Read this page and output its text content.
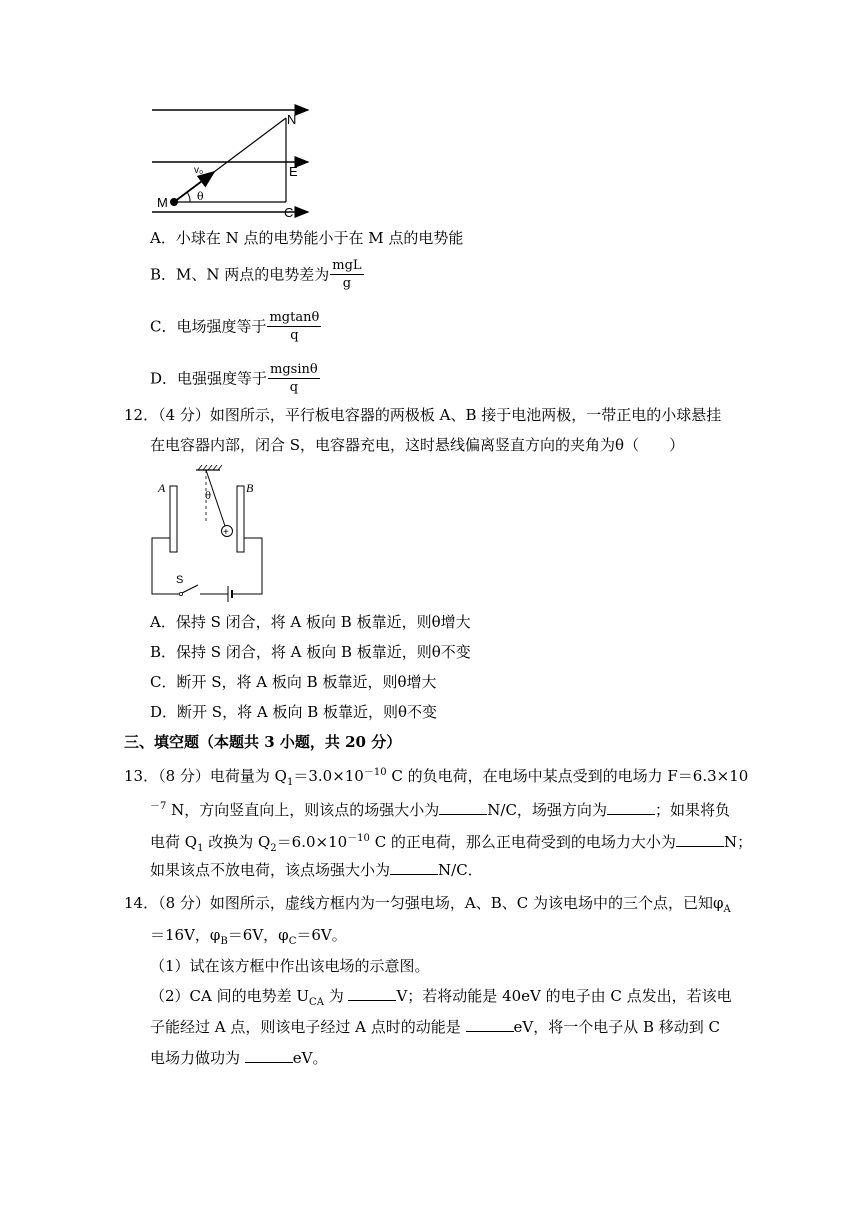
N
E
M
C
v₀
θ
A．小球在 N 点的电势能小于在 M 点的电势能
B．M、N 两点的电势差为 $\frac{\text{mgL}}{g}$
C．电场强度等于 $\frac{mgtan\theta}{q}$
D．电强强度等于 $\frac{mgsin\theta}{q}$
12．（4 分）如图所示，平行板电容器的两极板 A、B 接于电池两极，一带正电的小球悬挂
在电容器内部，闭合 S，电容器充电，这时悬线偏离竖直方向的夹角为θ（　　）
+
θ
A	B
S
A．保持 S 闭合，将 A 板向 B 板靠近，则θ增大
B．保持 S 闭合，将 A 板向 B 板靠近，则θ不变
C．断开 S，将 A 板向 B 板靠近，则θ增大
D．断开 S，将 A 板向 B 板靠近，则θ不变
三、填空题（本题共 3 小题，共 20 分）
13．（8 分）电荷量为 $Q_1=3.0\times 10^{-10}$ C 的负电荷，在电场中某点受到的电场力 F＝6.3×10
$^{-7}$ N，方向竖直向上，则该点的场强大小为	N/C，场强方向为	；如果将负
电荷 $Q_1$ 改换为 $Q_2=6.0\times 10^{-10}$ C 的正电荷，那么正电荷受到的电场力大小为	N；
如果该点不放电荷，该点场强大小为	N/C．
14．（8 分）如图所示，虚线方框内为一匀强电场，A、B、C 为该电场中的三个点，已知$\varphi_A$
＝16V，$\varphi_B=6V$，$\varphi_C=6V$。
（1）试在该方框中作出该电场的示意图。
（2）CA 间的电势差 $U_{CA}$ 为	V；若将动能是 40eV 的电子由 C 点发出，若该电
子能经过 A 点，则该电子经过 A 点时的动能是	eV，将一个电子从 B 移动到 C
电场力做功为	eV。
